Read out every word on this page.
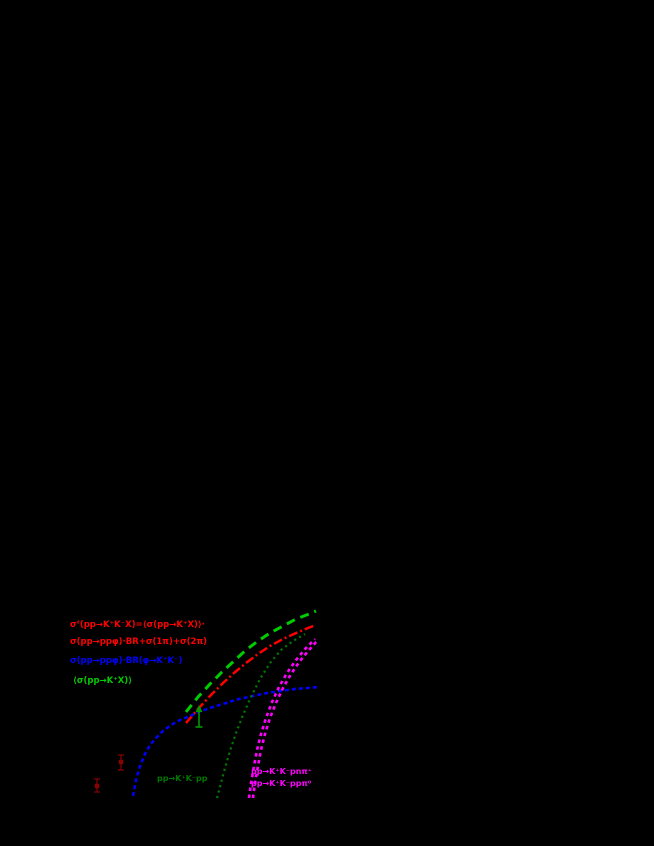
σᶠ(pp→K⁺K⁻X)=⟨σ(pp→K⁺X)⟩·
σ(pp→ppφ)·BR+σ(1π)+σ(2π)
σ(pp→ppφ)·BR(φ→K⁺K⁻)
⟨σ(pp→K⁺X)⟩
pp→K⁺K⁻pp
pp→K⁺K⁻pnπ⁺
pp→K⁺K⁻ppπ⁰
